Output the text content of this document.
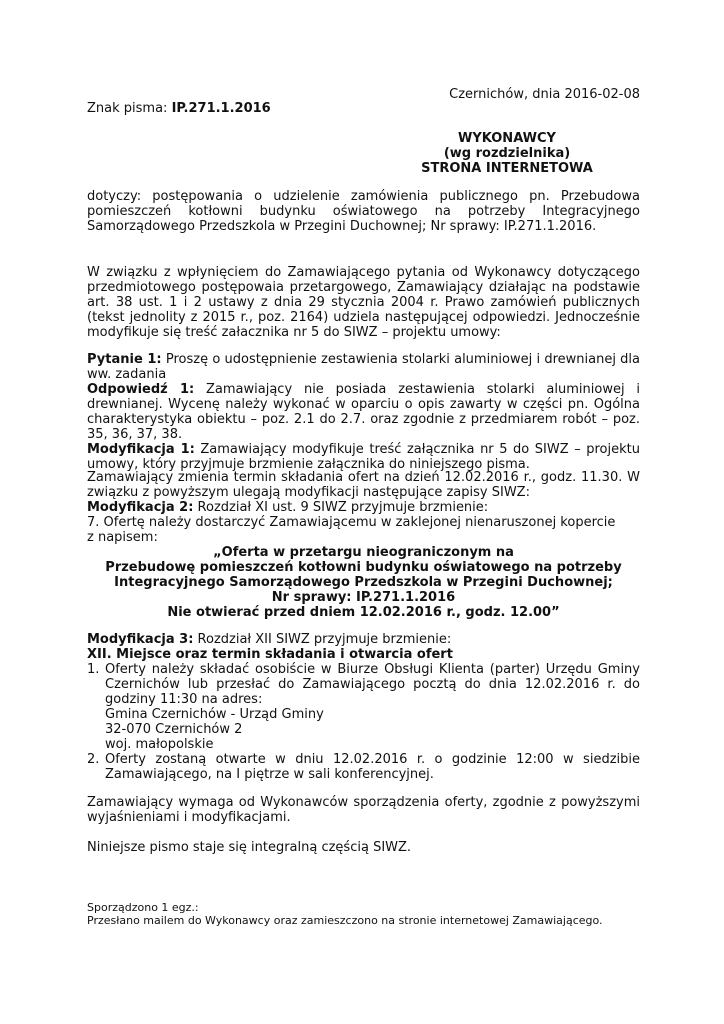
Czernichów, dnia 2016-02-08

Znak pisma: IP.271.1.2016

WYKONAWCY
(wg rozdzielnika)
STRONA INTERNETOWA

dotyczy: postępowania o udzielenie zamówienia publicznego pn. Przebudowa pomieszczeń kotłowni budynku oświatowego na potrzeby Integracyjnego Samorządowego Przedszkola w Przegini Duchownej; Nr sprawy: IP.271.1.2016.

W związku z wpłynięciem do Zamawiającego pytania od Wykonawcy dotyczącego przedmiotowego postępowaia przetargowego, Zamawiający działając na podstawie art. 38 ust. 1 i 2 ustawy z dnia 29 stycznia 2004 r. Prawo zamówień publicznych (tekst jednolity z 2015 r., poz. 2164) udziela następującej odpowiedzi. Jednocześnie modyfikuje się treść załacznika nr 5 do SIWZ – projektu umowy:

Pytanie 1: Proszę o udostępnienie zestawienia stolarki aluminiowej i drewnianej dla ww. zadania
Odpowiedź 1: Zamawiający nie posiada zestawienia stolarki aluminiowej i drewnianej. Wycenę należy wykonać w oparciu o opis zawarty w części pn. Ogólna charakterystyka obiektu – poz. 2.1 do 2.7. oraz zgodnie z przedmiarem robót – poz. 35, 36, 37, 38.
Modyfikacja 1: Zamawiający modyfikuje treść załącznika nr 5 do SIWZ – projektu umowy, który przyjmuje brzmienie załącznika do niniejszego pisma.
Zamawiający zmienia termin składania ofert na dzień 12.02.2016 r., godz. 11.30. W związku z powyższym ulegają modyfikacji następujące zapisy SIWZ:
Modyfikacja 2: Rozdział XI ust. 9 SIWZ przyjmuje brzmienie:
7. Ofertę należy dostarczyć Zamawiającemu w zaklejonej nienaruszonej kopercie
z napisem:
„Oferta w przetargu nieograniczonym na
Przebudowę pomieszczeń kotłowni budynku oświatowego na potrzeby
Integracyjnego Samorządowego Przedszkola w Przegini Duchownej;
Nr sprawy: IP.271.1.2016
Nie otwierać przed dniem 12.02.2016 r., godz. 12.00”
Modyfikacja 3: Rozdział XII SIWZ przyjmuje brzmienie:
XII. Miejsce oraz termin składania i otwarcia ofert
1. Oferty należy składać osobiście w Biurze Obsługi Klienta (parter) Urzędu Gminy Czernichów lub przesłać do Zamawiającego pocztą do dnia 12.02.2016 r. do godziny 11:30 na adres:
Gmina Czernichów - Urząd Gminy
32-070 Czernichów 2
woj. małopolskie
2. Oferty zostaną otwarte w dniu 12.02.2016 r. o godzinie 12:00 w siedzibie Zamawiającego, na I piętrze w sali konferencyjnej.

Zamawiający wymaga od Wykonawców sporządzenia oferty, zgodnie z powyższymi wyjaśnieniami i modyfikacjami.

Niniejsze pismo staje się integralną częścią SIWZ.

Sporządzono 1 egz.:
Przesłano mailem do Wykonawcy oraz zamieszczono na stronie internetowej Zamawiającego.
